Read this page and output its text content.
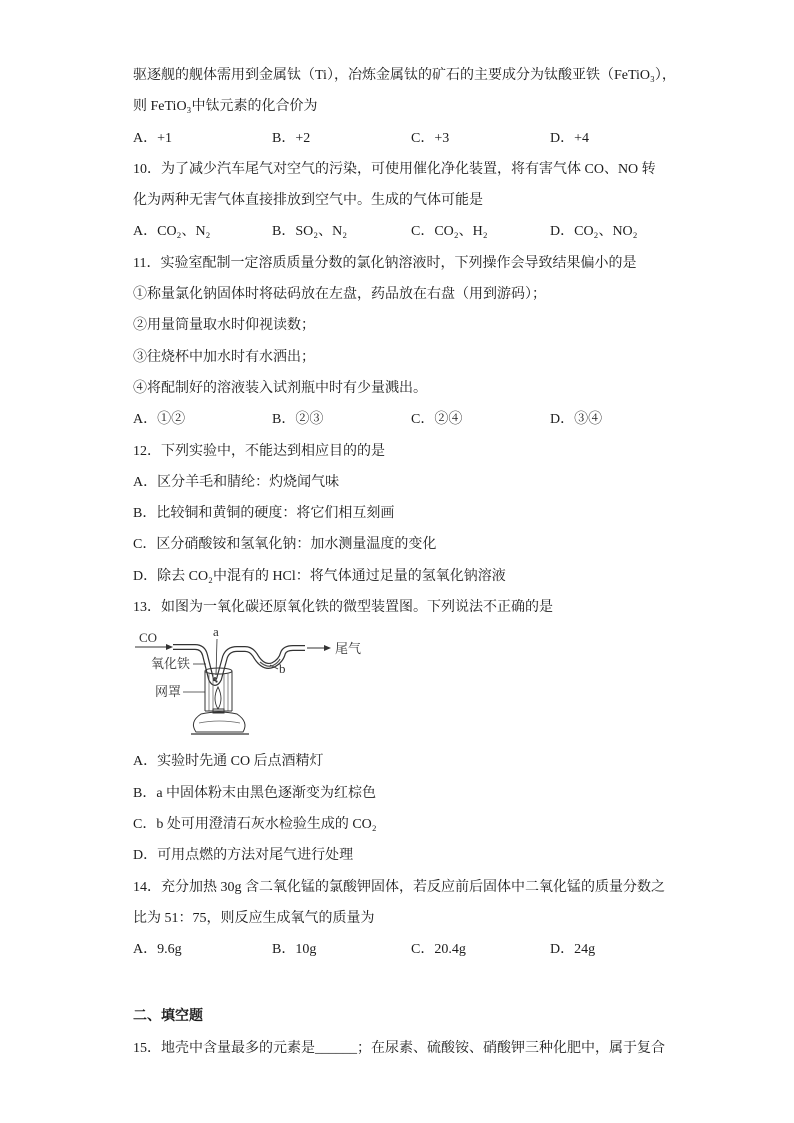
驱逐舰的舰体需用到金属钛（Ti），冶炼金属钛的矿石的主要成分为钛酸亚铁（FeTiO₃），
则 FeTiO₃中钛元素的化合价为
A．+1	B．+2	C．+3	D．+4
10．为了减少汽车尾气对空气的污染，可使用催化净化装置，将有害气体 CO、NO 转
化为两种无害气体直接排放到空气中。生成的气体可能是
A．CO₂、N₂	B．SO₂、N₂	C．CO₂、H₂	D．CO₂、NO₂
11．实验室配制一定溶质质量分数的氯化钠溶液时，下列操作会导致结果偏小的是
①称量氯化钠固体时将砝码放在左盘，药品放在右盘（用到游码）；
②用量筒量取水时仰视读数；
③往烧杯中加水时有水洒出；
④将配制好的溶液装入试剂瓶中时有少量溅出。
A．①②	B．②③	C．②④	D．③④
12．下列实验中，不能达到相应目的的是
A．区分羊毛和腈纶：灼烧闻气味
B．比较铜和黄铜的硬度：将它们相互刻画
C．区分硝酸铵和氢氧化钠：加水测量温度的变化
D．除去 CO₂中混有的 HCl：将气体通过足量的氢氧化钠溶液
13．如图为一氧化碳还原氧化铁的微型装置图。下列说法不正确的是
CO	a
b
尾气
氧化铁
网罩
A．实验时先通 CO 后点酒精灯
B．a 中固体粉末由黑色逐渐变为红棕色
C．b 处可用澄清石灰水检验生成的 CO₂
D．可用点燃的方法对尾气进行处理
14．充分加热 30g 含二氧化锰的氯酸钾固体，若反应前后固体中二氧化锰的质量分数之
比为 51：75，则反应生成氧气的质量为
A．9.6g	B．10g	C．20.4g	D．24g
二、填空题
15．地壳中含量最多的元素是______；在尿素、硫酸铵、硝酸钾三种化肥中，属于复合
